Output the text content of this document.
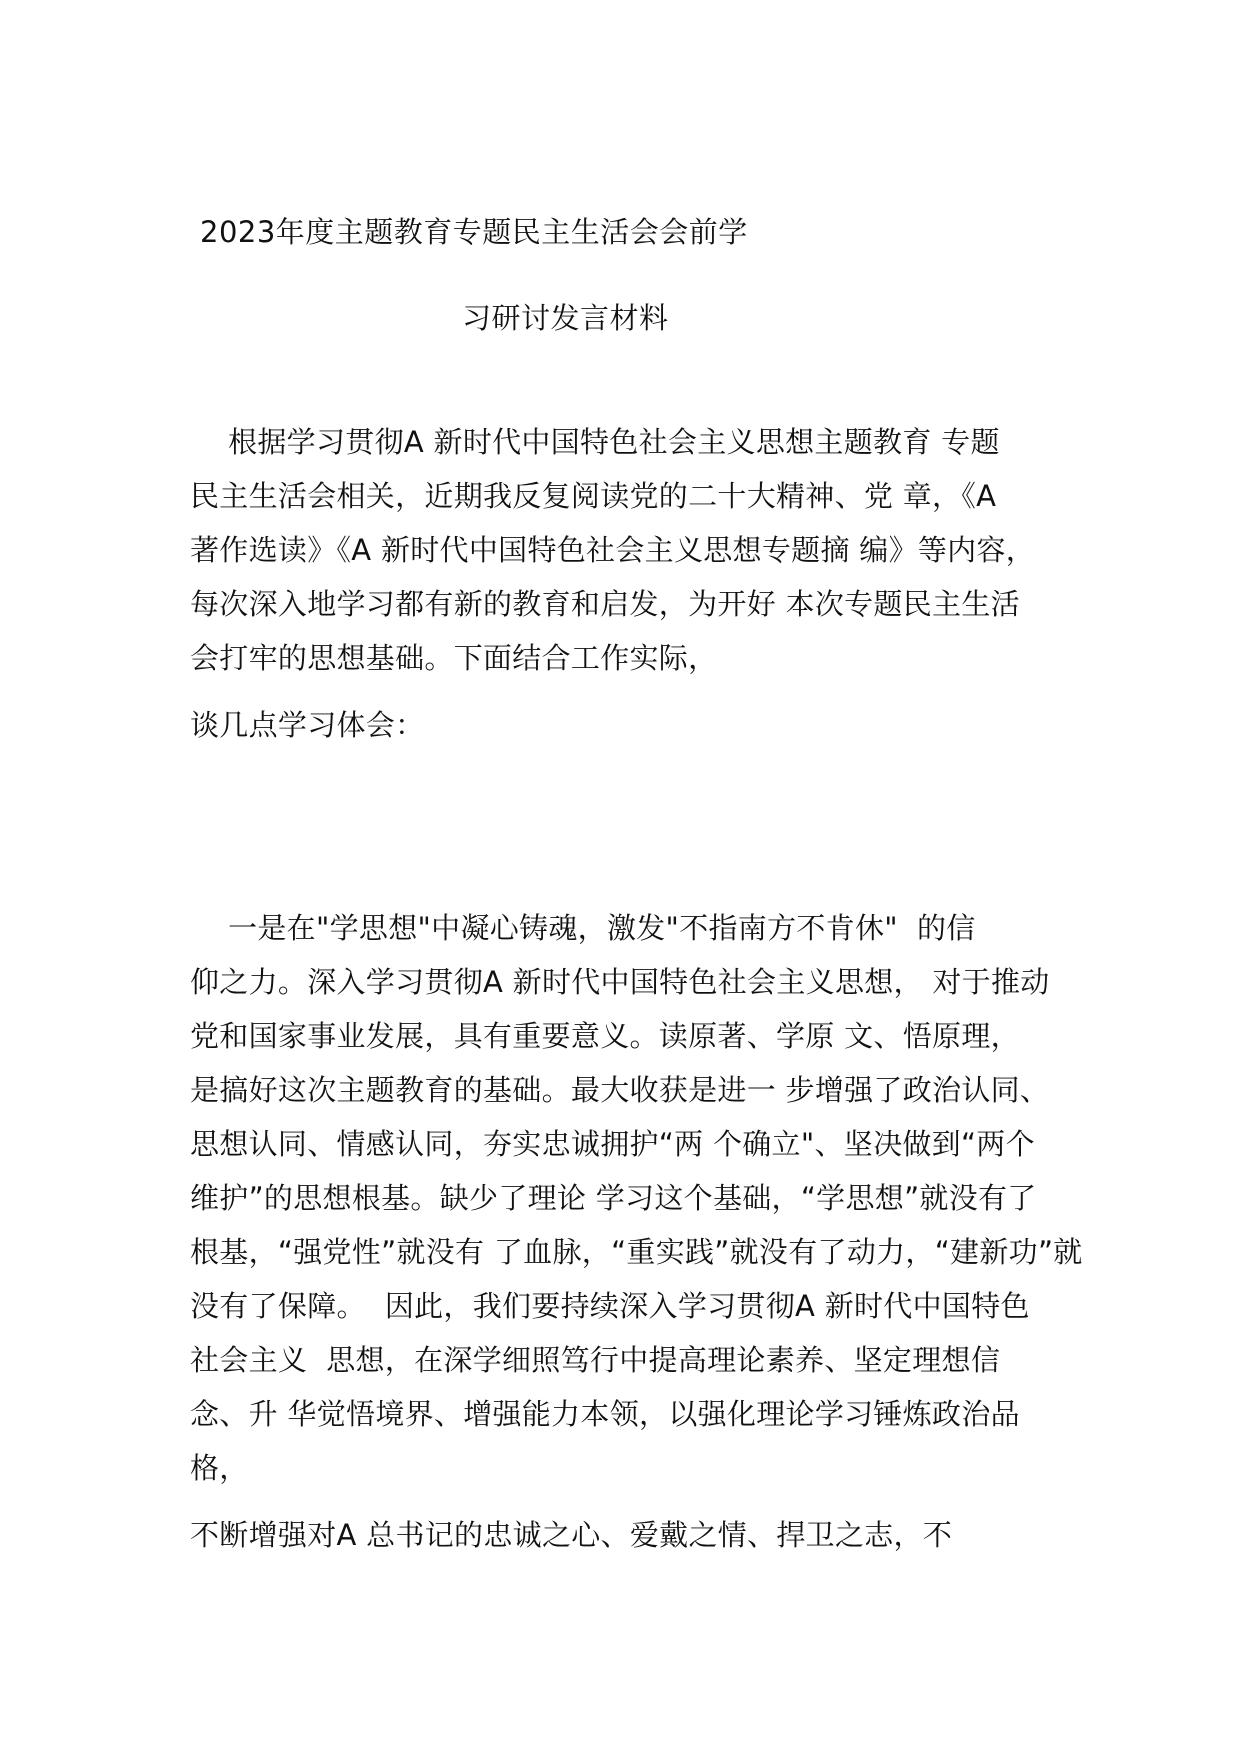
2023年度主题教育专题民主生活会会前学
习研讨发言材料
根据学习贯彻A 新时代中国特色社会主义思想主题教育 专题
民主生活会相关，近期我反复阅读党的二十大精神、党 章，《A
著作选读》《A 新时代中国特色社会主义思想专题摘 编》等内容，
每次深入地学习都有新的教育和启发，为开好 本次专题民主生活
会打牢的思想基础。下面结合工作实际，
谈几点学习体会：
一是在"学思想"中凝心铸魂，激发"不指南方不肯休"  的信
仰之力。深入学习贯彻A 新时代中国特色社会主义思想， 对于推动
党和国家事业发展，具有重要意义。读原著、学原 文、悟原理，
是搞好这次主题教育的基础。最大收获是进一 步增强了政治认同、
思想认同、情感认同，夯实忠诚拥护“两 个确立"、坚决做到“两个
维护”的思想根基。缺少了理论 学习这个基础，“学思想”就没有了
根基，“强党性”就没有 了血脉，“重实践”就没有了动力，“建新功”就
没有了保障。  因此，我们要持续深入学习贯彻A 新时代中国特色
社会主义  思想，在深学细照笃行中提高理论素养、坚定理想信
念、升 华觉悟境界、增强能力本领，以强化理论学习锤炼政治品
格，
不断增强对A 总书记的忠诚之心、爱戴之情、捍卫之志，不
